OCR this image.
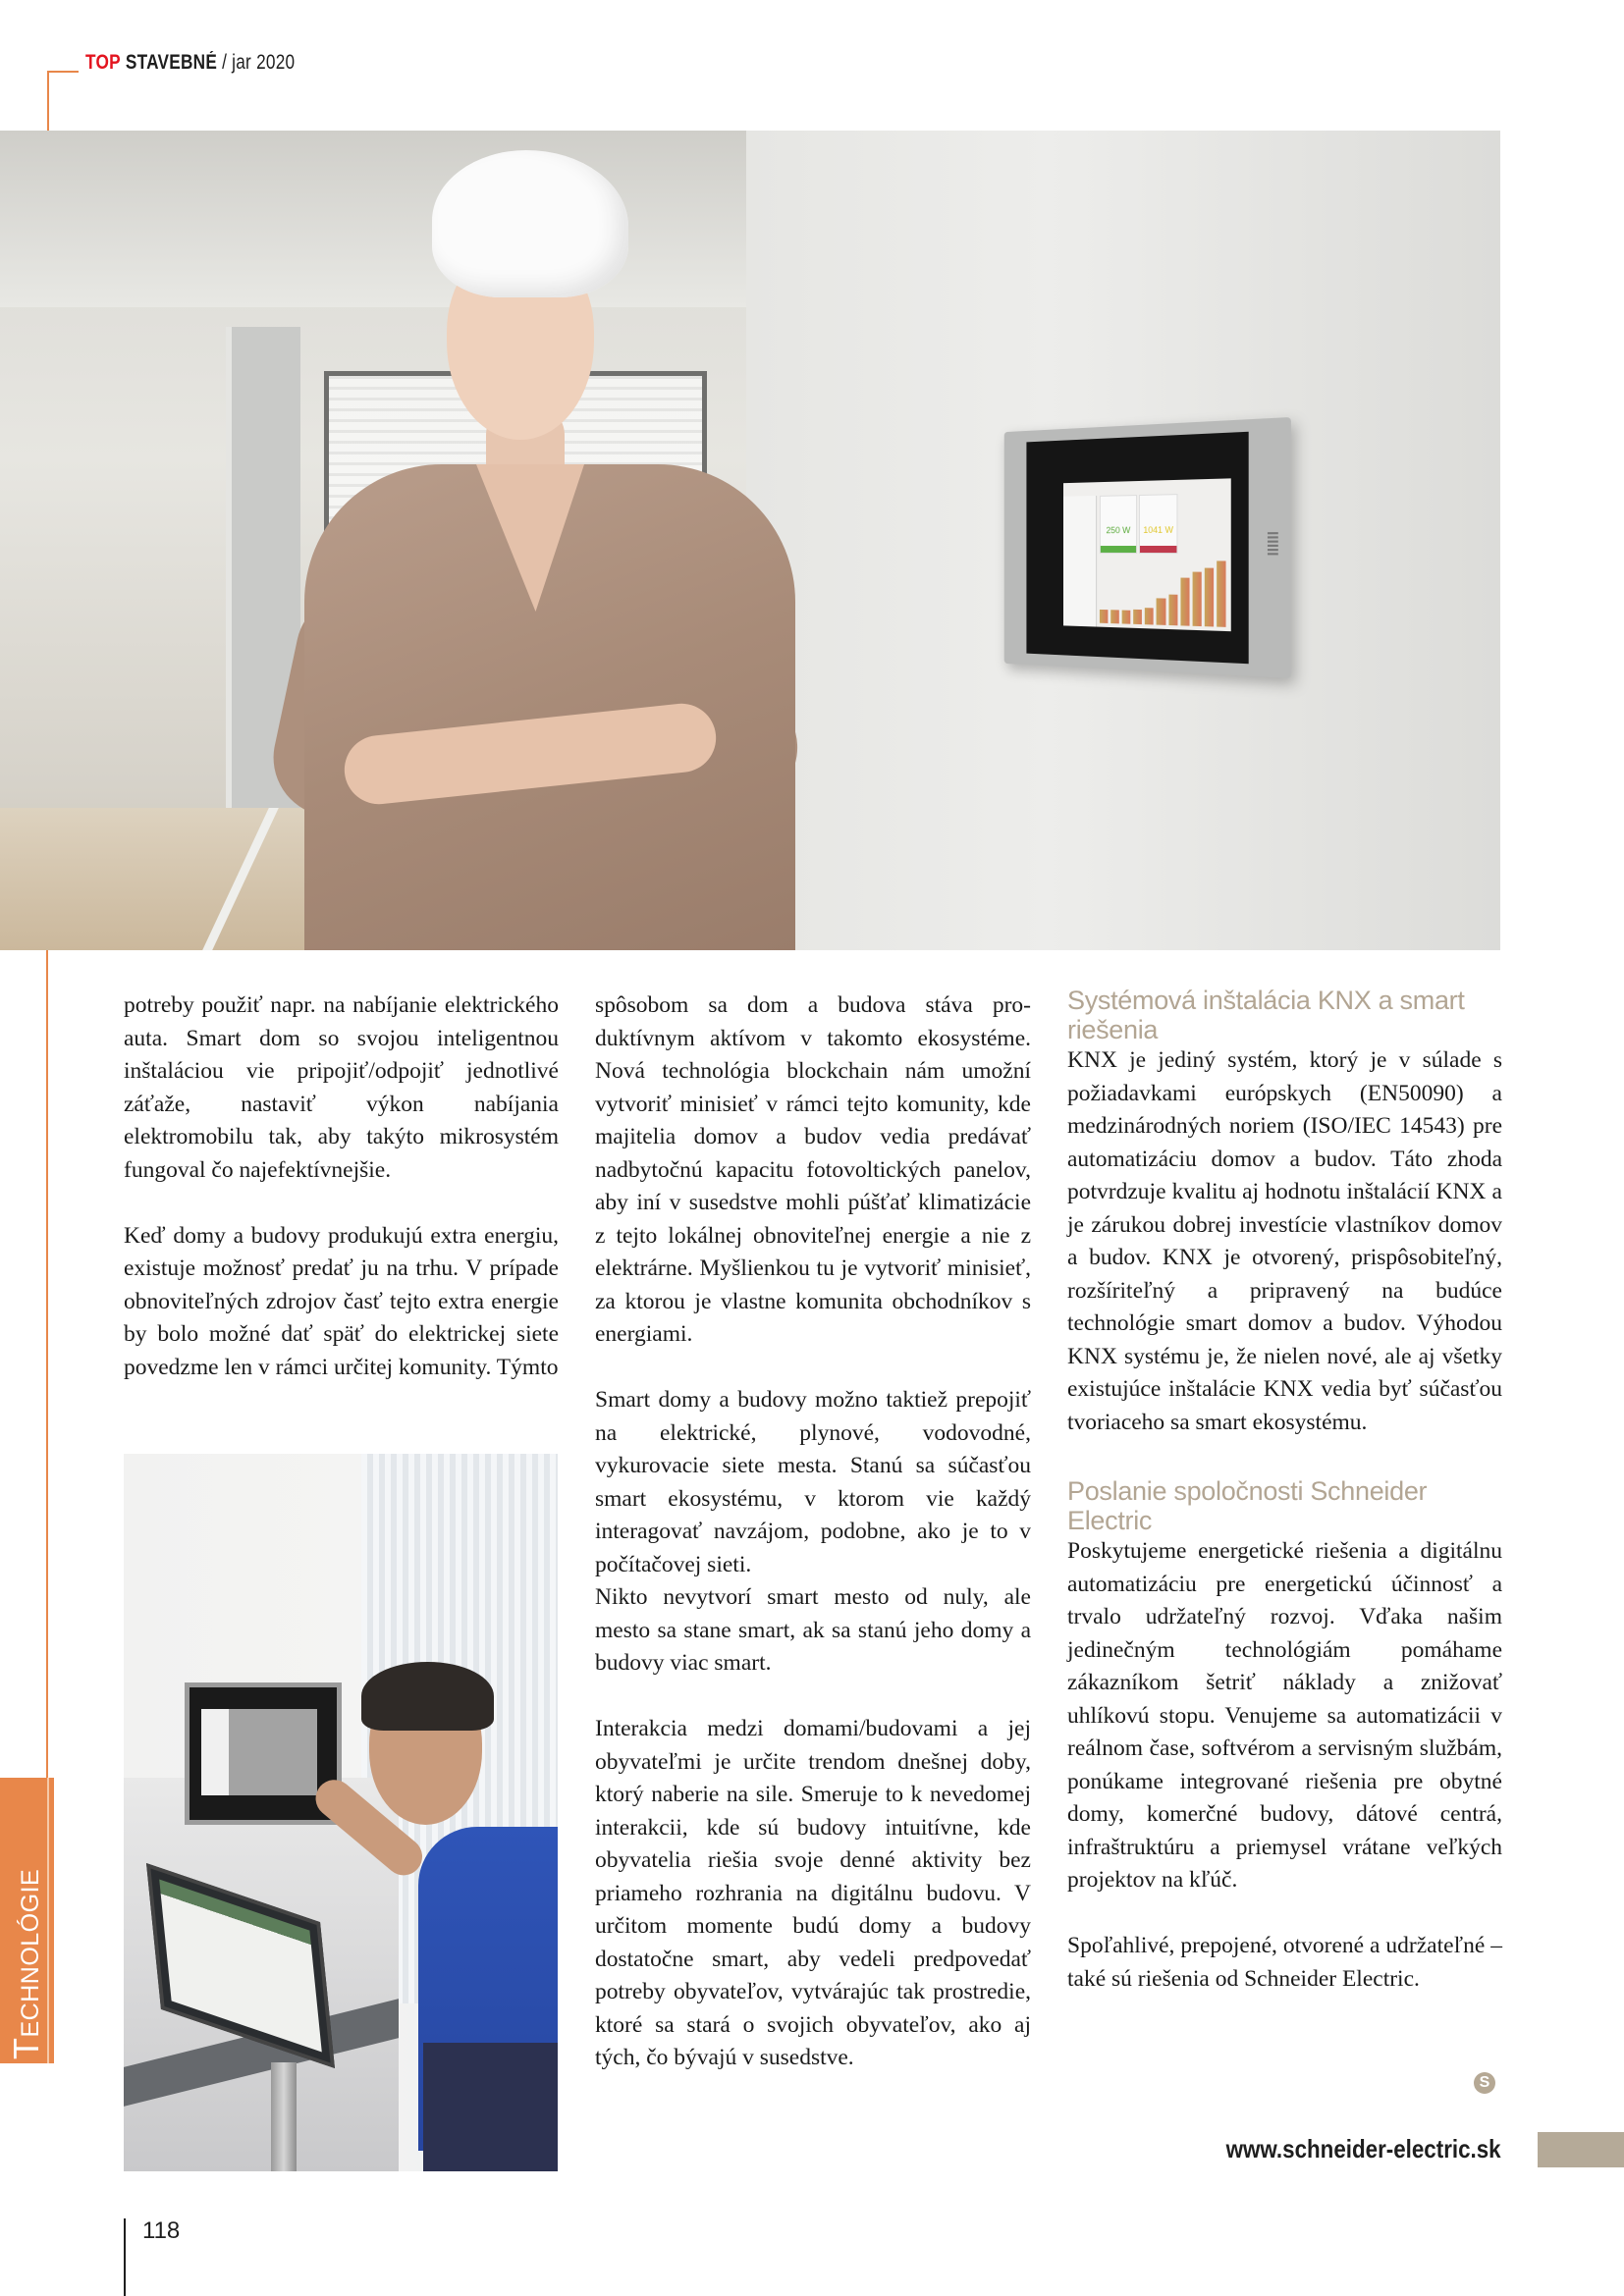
TOP STAVEBNÉ / jar 2020
250 W	1041 W
TECHNOLÓGIE

potreby použiť napr. na nabíjanie elektrického auta. Smart dom so svojou inteligentnou inštaláciou vie pripojiť/odpojiť jednotlivé záťaže, nastaviť výkon nabíjania elektromobilu tak, aby takýto mikrosystém fungoval čo najefektívnejšie.

Keď domy a budovy produkujú extra energiu, existuje možnosť predať ju na trhu. V prípade obnoviteľných zdrojov časť tejto extra energie by bolo možné dať späť do elektrickej siete povedzme len v rámci určitej komunity. Týmto

spôsobom sa dom a budova stáva produktívnym aktívom v takomto ekosystéme. Nová technológia blockchain nám umožní vytvoriť minisieť v rámci tejto komunity, kde majitelia domov a budov vedia predávať nadbytočnú kapacitu fotovoltických panelov, aby iní v susedstve mohli púšťať klimatizácie z tejto lokálnej obnoviteľnej energie a nie z elektrárne. Myšlienkou tu je vytvoriť minisieť, za ktorou je vlastne komunita obchodníkov s energiami.

Smart domy a budovy možno taktiež prepojiť na elektrické, plynové, vodovodné, vykurovacie siete mesta. Stanú sa súčasťou smart ekosystému, v ktorom vie každý interagovať navzájom, podobne, ako je to v počítačovej sieti.

Nikto nevytvorí smart mesto od nuly, ale mesto sa stane smart, ak sa stanú jeho domy a budovy viac smart.

Interakcia medzi domami/budovami a jej obyvateľmi je určite trendom dnešnej doby, ktorý naberie na sile. Smeruje to k nevedomej interakcii, kde sú budovy intuitívne, kde obyvatelia riešia svoje denné aktivity bez priameho rozhrania na digitálnu budovu. V určitom momente budú domy a budovy dostatočne smart, aby vedeli predpovedať potreby obyvateľov, vytvárajúc tak prostredie, ktoré sa stará o svojich obyvateľov, ako aj tých, čo bývajú v susedstve.

Systémová inštalácia KNX a smart riešenia

KNX je jediný systém, ktorý je v súlade s požiadavkami európskych (EN50090) a medzinárodných noriem (ISO/IEC 14543) pre automatizáciu domov a budov. Táto zhoda potvrdzuje kvalitu aj hodnotu inštalácií KNX a je zárukou dobrej investície vlastníkov domov a budov. KNX je otvorený, prispôsobiteľný, rozšíriteľný a pripravený na budúce technológie smart domov a budov. Výhodou KNX systému je, že nielen nové, ale aj všetky existujúce inštalácie KNX vedia byť súčasťou tvoriaceho sa smart ekosystému.

Poslanie spoločnosti Schneider Electric

Poskytujeme energetické riešenia a digitálnu automatizáciu pre energetickú účinnosť a trvalo udržateľný rozvoj. Vďaka našim jedinečným technológiám pomáhame zákazníkom šetriť náklady a znižovať uhlíkovú stopu. Venujeme sa automatizácii v reálnom čase, softvérom a servisným službám, ponúkame integrované riešenia pre obytné domy, komerčné budovy, dátové centrá, infraštruktúru a priemysel vrátane veľkých projektov na kľúč.

Spoľahlivé, prepojené, otvorené a udržateľné – také sú riešenia od Schneider Electric.

S
www.schneider-electric.sk
118
